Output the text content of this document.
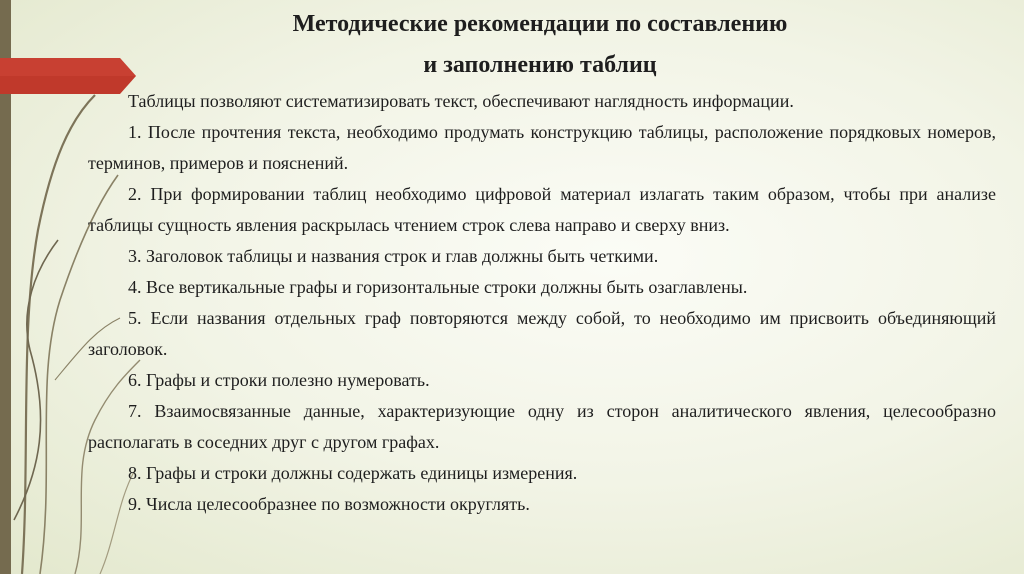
Методические рекомендации по составлению
и заполнению таблиц

Таблицы позволяют систематизировать текст, обеспечивают наглядность информации.

1. После прочтения текста, необходимо продумать конструкцию таблицы, расположение порядковых номеров, терминов, примеров и пояснений.

2. При формировании таблиц необходимо цифровой материал излагать таким образом, чтобы при анализе таблицы сущность явления раскрылась чтением строк слева направо и сверху вниз.

3. Заголовок таблицы и названия строк и глав должны быть четкими.

4. Все вертикальные графы и горизонтальные строки должны быть озаглавлены.

5. Если названия отдельных граф повторяются между собой, то необходимо им присвоить объединяющий заголовок.

6. Графы и строки полезно нумеровать.

7. Взаимосвязанные данные, характеризующие одну из сторон аналитического явления, целесообразно располагать в соседних друг с другом графах.

8. Графы и строки должны содержать единицы измерения.

9. Числа целесообразнее по возможности округлять.
